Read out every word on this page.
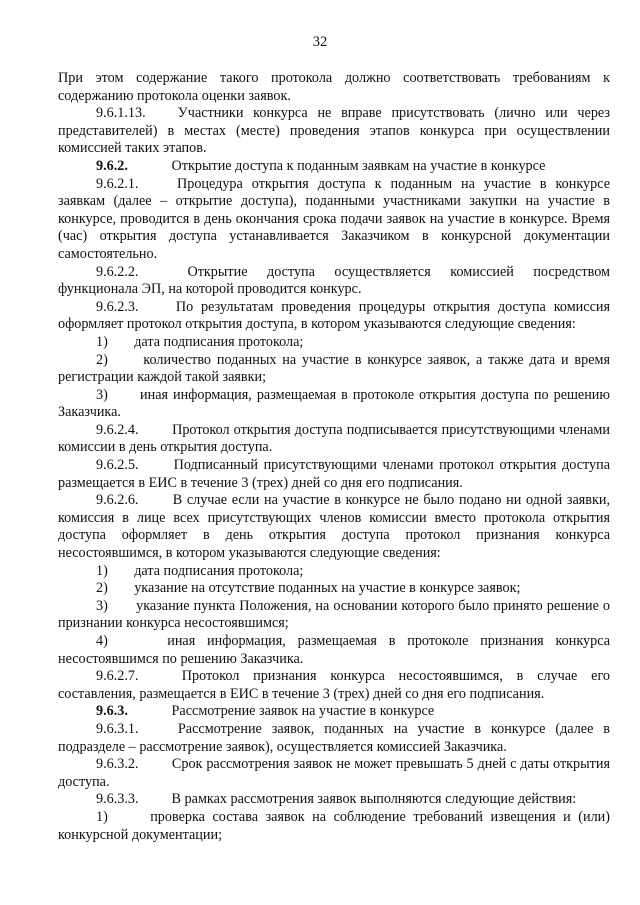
32

При этом содержание такого протокола должно соответствовать требованиям к содержанию протокола оценки заявок.

9.6.1.13. Участники конкурса не вправе присутствовать (лично или через представителей) в местах (месте) проведения этапов конкурса при осуществлении комиссией таких этапов.

9.6.2.	Открытие доступа к поданным заявкам на участие в конкурсе

9.6.2.1.	Процедура открытия доступа к поданным на участие в конкурсе заявкам (далее – открытие доступа), поданными участниками закупки на участие в конкурсе, проводится в день окончания срока подачи заявок на участие в конкурсе. Время (час) открытия доступа устанавливается Заказчиком в конкурсной документации самостоятельно.

9.6.2.2.	Открытие доступа осуществляется комиссией посредством функционала ЭП, на которой проводится конкурс.

9.6.2.3.	По результатам проведения процедуры открытия доступа комиссия оформляет протокол открытия доступа, в котором указываются следующие сведения:

1) дата подписания протокола;

2) количество поданных на участие в конкурсе заявок, а также дата и время регистрации каждой такой заявки;

3) иная информация, размещаемая в протоколе открытия доступа по решению Заказчика.

9.6.2.4. Протокол открытия доступа подписывается присутствующими членами комиссии в день открытия доступа.

9.6.2.5. Подписанный присутствующими членами протокол открытия доступа размещается в ЕИС в течение 3 (трех) дней со дня его подписания.

9.6.2.6. В случае если на участие в конкурсе не было подано ни одной заявки, комиссия в лице всех присутствующих членов комиссии вместо протокола открытия доступа оформляет в день открытия доступа протокол признания конкурса несостоявшимся, в котором указываются следующие сведения:

1) дата подписания протокола;

2) указание на отсутствие поданных на участие в конкурсе заявок;

3) указание пункта Положения, на основании которого было принято решение о признании конкурса несостоявшимся;

4)	иная информация, размещаемая в протоколе признания конкурса несостоявшимся по решению Заказчика.

9.6.2.7.	Протокол признания конкурса несостоявшимся, в случае его составления, размещается в ЕИС в течение 3 (трех) дней со дня его подписания.

9.6.3.	Рассмотрение заявок на участие в конкурсе

9.6.3.1.	Рассмотрение заявок, поданных на участие в конкурсе (далее в подразделе – рассмотрение заявок), осуществляется комиссией Заказчика.

9.6.3.2. Срок рассмотрения заявок не может превышать 5 дней с даты открытия доступа.

9.6.3.3. В рамках рассмотрения заявок выполняются следующие действия:

1)	проверка состава заявок на соблюдение требований извещения и (или) конкурсной документации;
